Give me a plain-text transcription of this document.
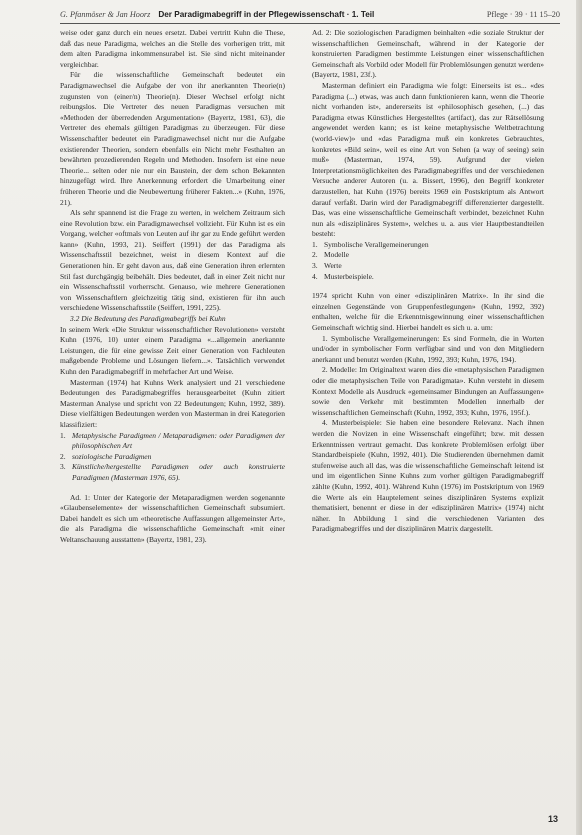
G. Pfanmöser & Jan Hoorz Der Paradigmabegriff in der Pflegewissenschaft · 1. Teil	Pflege · 39 · 11 15–20

weise oder ganz durch ein neues ersetzt. Dabei vertritt Kuhn die These, daß das neue Paradigma, welches an die Stelle des vorherigen tritt, mit dem alten Paradigma inkommensurabel ist. Sie sind nicht miteinander vergleichbar.

Für die wissenschaftliche Gemeinschaft bedeutet ein Paradigmawechsel die Aufgabe der von ihr anerkannten Theorie(n) zugunsten von (einer/n) Theorie(n). Dieser Wechsel erfolgt nicht reibungslos. Die Vertreter des neuen Paradigmas versuchen mit «Methoden der überredenden Argumentation» (Bayertz, 1981, 63), die Vertreter des ehemals gültigen Paradigmas zu überzeugen. Für diese Wissenschaftler bedeutet ein Paradigmawechsel nicht nur die Aufgabe existierender Theorien, sondern ebenfalls ein Nicht mehr Festhalten an bewährten prozedierenden Regeln und Methoden. Insofern ist eine neue Theorie... selten oder nie nur ein Baustein, der dem schon Bekannten hinzugefügt wird. Ihre Anerkennung erfordert die Umarbeitung einer früheren Theorie und die Neubewertung früherer Fakten...» (Kuhn, 1976, 21).

Als sehr spannend ist die Frage zu werten, in welchem Zeitraum sich eine Revolution bzw. ein Paradigmawechsel vollzieht. Für Kuhn ist es ein Vorgang, welcher «oftmals von Leuten auf ihr gar zu Ende geführt werden kann» (Kuhn, 1993, 21). Seiffert (1991) der das Paradigma als Wissenschaftsstil bezeichnet, weist in diesem Kontext auf die Generationen hin. Er geht davon aus, daß eine Generation ihren erlernten Stil fast durchgängig beibehält. Dies bedeutet, daß in einer Zeit nicht nur ein Wissenschaftsstil vorherrscht. Genauso, wie mehrere Generationen von Wissenschaftlern gleichzeitig tätig sind, existieren für ihn auch verschiedene Wissenschaftsstile (Seiffert, 1991, 225).

3.2 Die Bedeutung des Paradigmabegriffs bei Kuhn

In seinem Werk «Die Struktur wissenschaftlicher Revolutionen» versteht Kuhn (1976, 10) unter einem Paradigma «...allgemein anerkannte Leistungen, die für eine gewisse Zeit einer Generation von Fachleuten maßgebende Probleme und Lösungen liefern...». Tatsächlich verwendet Kuhn den Paradigmabegriff in mehrfacher Art und Weise.

Masterman (1974) hat Kuhns Werk analysiert und 21 verschiedene Bedeutungen des Paradigmabegriffes herausgearbeitet (Kuhn zitiert Masterman Analyse und spricht von 22 Bedeutungen; Kuhn, 1992, 389). Diese vielfältigen Bedeutungen werden von Masterman in drei Kategorien klassifiziert:

1. Metaphysische Paradigmen / Metaparadigmen: oder Paradigmen der philosophischen Art
2. soziologische Paradigmen
3. Künstliche/hergestellte Paradigmen oder auch konstruierte Paradigmen (Masterman 1976, 65).

Ad. 1: Unter der Kategorie der Metaparadigmen werden sogenannte «Glaubenselemente» der wissenschaftlichen Gemeinschaft subsumiert. Dabei handelt es sich um «theoretische Auffassungen allgemeinster Art», die als Paradigma die wissenschaftliche Gemeinschaft «mit einer Weltanschauung ausstatten» (Bayertz, 1981, 23).

Ad. 2: Die soziologischen Paradigmen beinhalten «die soziale Struktur der wissenschaftlichen Gemeinschaft, während in der Kategorie der konstruierten Paradigmen bestimmte Leistungen einer wissenschaftlichen Gemeinschaft als Vorbild oder Modell für Problemlösungen genutzt werden» (Bayertz, 1981, 23f.).

Masterman definiert ein Paradigma wie folgt: Einerseits ist es... «des Paradigma (...) etwas, was auch dann funktionieren kann, wenn die Theorie nicht vorhanden ist», andererseits ist «philosophisch gesehen, (...) das Paradigma etwas Künstliches Hergestelltes (artifact), das zur Rätsellösung angewendet werden kann; es ist keine metaphysische Weltbetrachtung (world-view)» und «das Paradigma muß ein konkretes Gebrauchtes, konkretes «Bild sein», weil es eine Art von Sehen (a way of seeing) sein muß» (Masterman, 1974, 59). Aufgrund der vielen Interpretationsmöglichkeiten des Paradigmabegriffes und der verschiedenen Versuche anderer Autoren (u. a. Bissert, 1996), den Begriff konkreter darzustellen, hat Kuhn (1976) bereits 1969 ein Postskriptum als Antwort darauf verfaßt. Darin wird der Paradigmabegriff differenzierter dargestellt. Das, was eine wissenschaftliche Gemeinschaft verbindet, bezeichnet Kuhn nun als «disziplinäres System», welches u. a. aus vier Hauptbestandteilen besteht:

1. Symbolische Verallgemeinerungen
2. Modelle
3. Werte
4. Musterbeispiele.

1974 spricht Kuhn von einer «disziplinären Matrix». In ihr sind die einzelnen Gegenstände von Gruppenfestlegungen» (Kuhn, 1992, 392) enthalten, welche für die Erkenntnisgewinnung einer wissenschaftlichen Gemeinschaft wichtig sind. Hierbei handelt es sich u. a. um:

1. Symbolische Verallgemeinerungen: Es sind Formeln, die in Worten und/oder in symbolischer Form verfügbar sind und von den Mitgliedern anerkannt und benutzt werden (Kuhn, 1992, 393; Kuhn, 1976, 194).

2. Modelle: Im Originaltext waren dies die «metaphysischen Paradigmen oder die metaphysischen Teile von Paradigmata». Kuhn versteht in diesem Kontext Modelle als Ausdruck «gemeinsamer Bindungen an Auffassungen» sowie den Verkehr mit bestimmten Modellen innerhalb der wissenschaftlichen Gemeinschaft (Kuhn, 1992, 393; Kuhn, 1976, 195f.).

4. Musterbeispiele: Sie haben eine besondere Relevanz. Nach ihnen werden die Novizen in eine Wissenschaft eingeführt; bzw. mit dessen Erkenntnissen vertraut gemacht. Das konkrete Problemlösen erfolgt über Standardbeispiele (Kuhn, 1992, 401). Die Studierenden übernehmen damit stufenweise auch all das, was die wissenschaftliche Gemeinschaft leitend ist und im eigentlichen Sinne Kuhns zum vorher gültigen Paradigmabegriff zählte (Kuhn, 1992, 401). Während Kuhn (1976) im Postskriptum von 1969 die Werte als ein Hauptelement seines disziplinären Systems explizit thematisiert, benennt er diese in der «disziplinären Matrix» (1974) nicht näher. In Abbildung 1 sind die verschiedenen Varianten des Paradigmabegriffes und der disziplinären Matrix dargestellt.

13
